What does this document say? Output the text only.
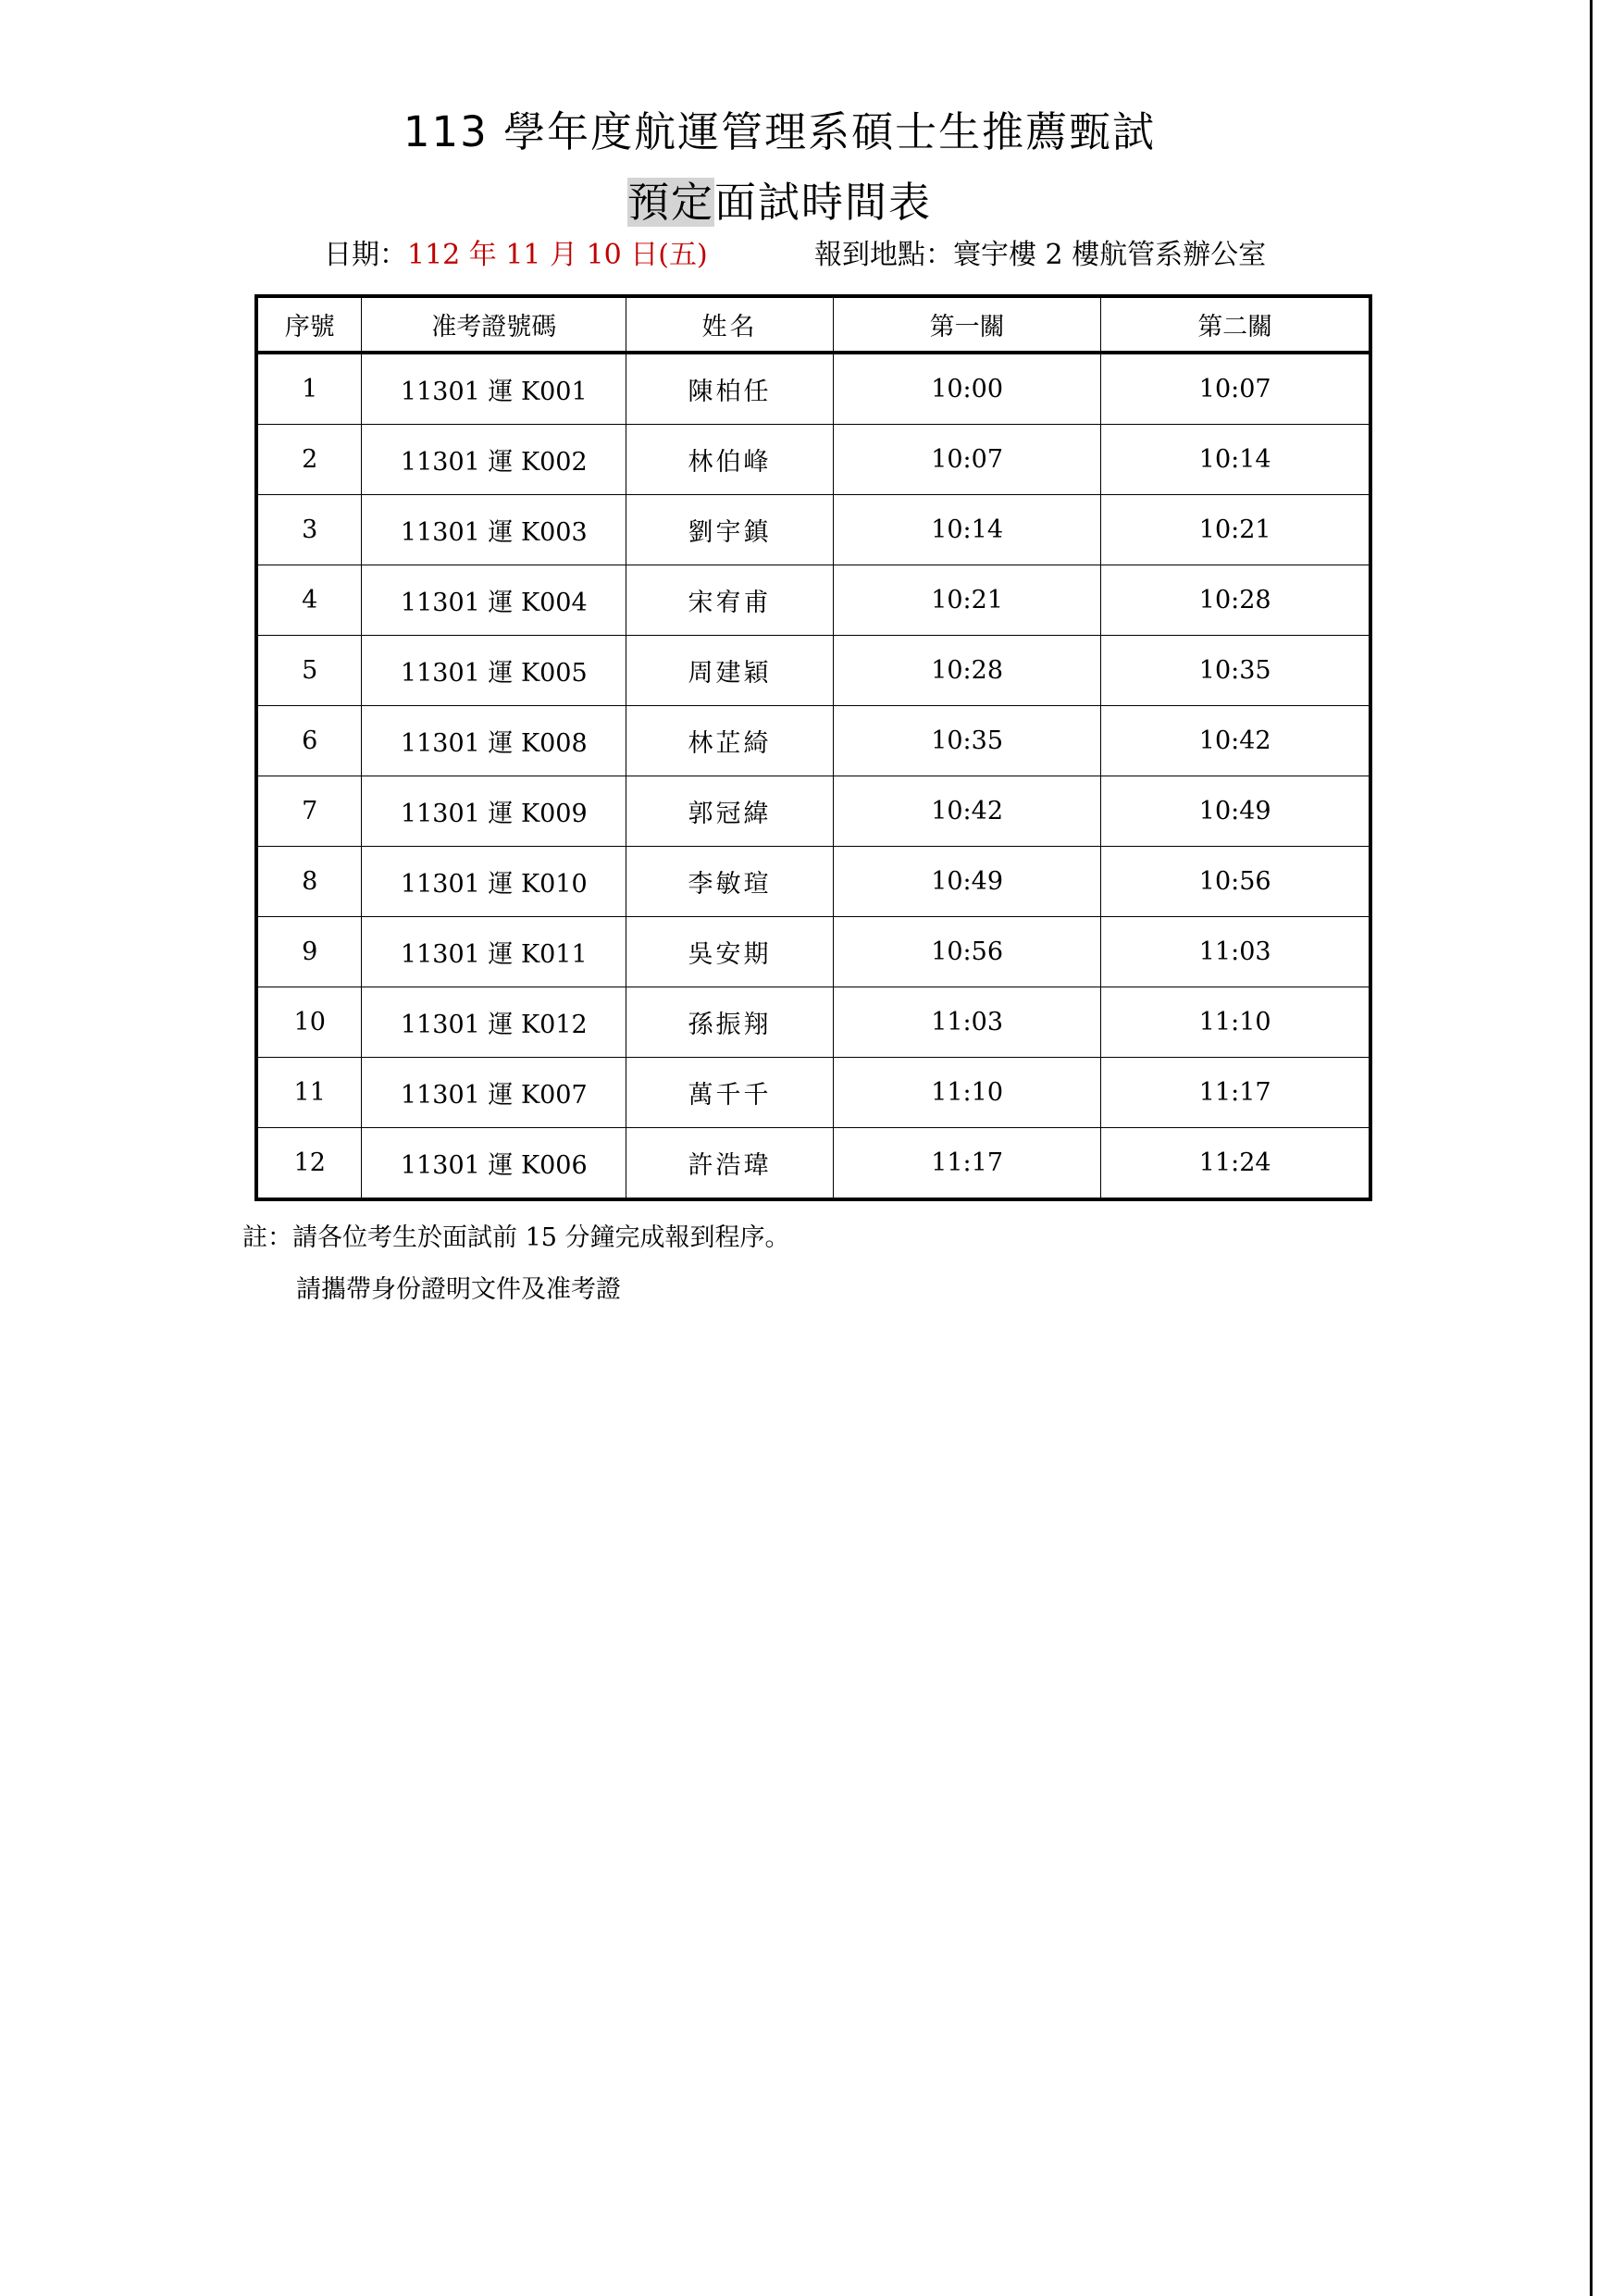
113 學年度航運管理系碩士生推薦甄試
預定面試時間表
日期：112 年 11 月 10 日(五)	報到地點：寰宇樓 2 樓航管系辦公室
序號	准考證號碼	姓名	第一關	第二關
1	11301 運 K001	陳柏任	10:00	10:07
2	11301 運 K002	林伯峰	10:07	10:14
3	11301 運 K003	劉宇鎮	10:14	10:21
4	11301 運 K004	宋宥甫	10:21	10:28
5	11301 運 K005	周建穎	10:28	10:35
6	11301 運 K008	林芷綺	10:35	10:42
7	11301 運 K009	郭冠緯	10:42	10:49
8	11301 運 K010	李敏瑄	10:49	10:56
9	11301 運 K011	吳安期	10:56	11:03
10	11301 運 K012	孫振翔	11:03	11:10
11	11301 運 K007	萬千千	11:10	11:17
12	11301 運 K006	許浩瑋	11:17	11:24
註：請各位考生於面試前 15 分鐘完成報到程序。
請攜帶身份證明文件及准考證
